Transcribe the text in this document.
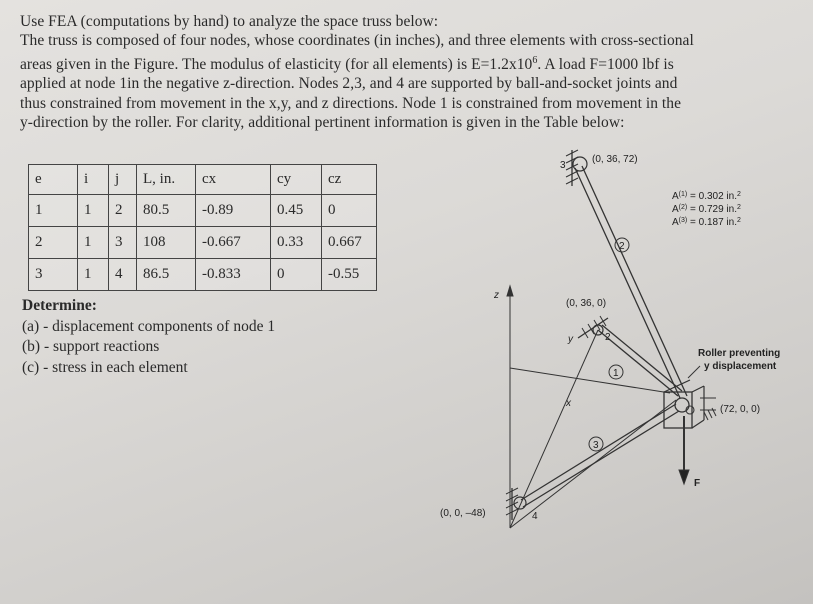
Use FEA (computations by hand) to analyze the space truss below:

The truss is composed of four nodes, whose coordinates (in inches), and three elements with cross-sectional

areas given in the Figure. The modulus of elasticity (for all elements) is $E=1.2x10^6$. A load F=1000 lbf is

applied at node 1in the negative z-direction. Nodes 2,3, and 4 are supported by ball-and-socket joints and

thus constrained from movement in the x,y, and z directions. Node 1 is constrained from movement in the

y-direction by the roller. For clarity, additional pertinent information is given in the Table below:

e	i	j	L, in.	cx	cy	cz
1	1	2	80.5	-0.89	0.45	0
2	1	3	108	-0.667	0.33	0.667
3	1	4	86.5	-0.833	0	-0.55
Determine:
(a) - displacement components of node 1
(b) - support reactions
(c) - stress in each element
(0, 36, 72)
3
(0, 36, 0)
2
(0, 0, –48)	4
(72, 0, 0)
z
y
x
2
1
3
$A^{(1)} = 0.302$ in.$^2$
$A^{(2)} = 0.729$ in.$^2$
$A^{(3)} = 0.187$ in.$^2$
Roller preventing
y displacement
F
